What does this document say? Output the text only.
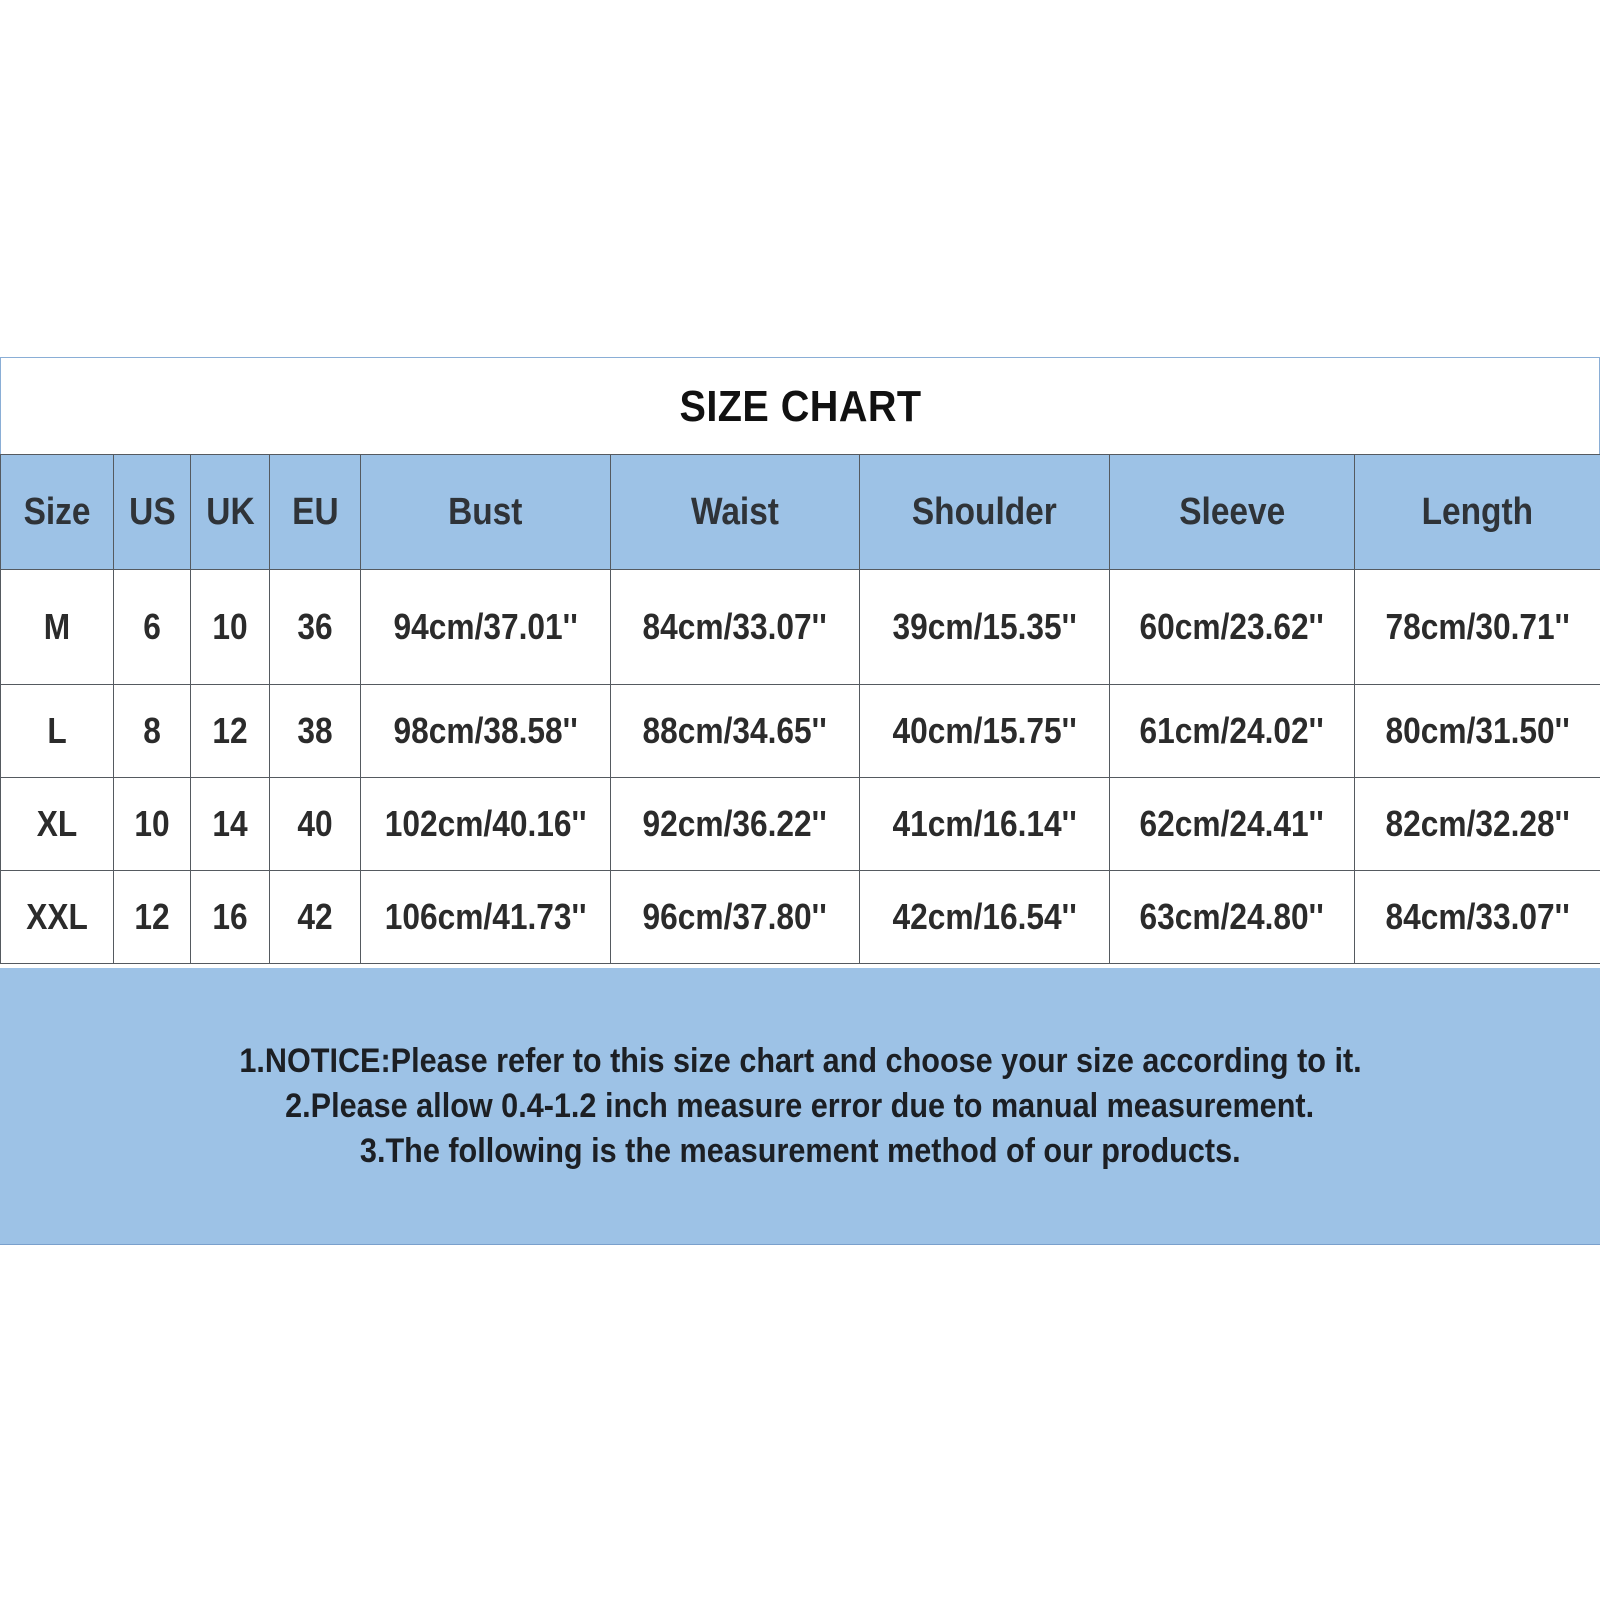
SIZE CHART
Size	US	UK	EU	Bust	Waist	Shoulder	Sleeve	Length
M	6	10	36	94cm/37.01''	84cm/33.07''	39cm/15.35''	60cm/23.62''	78cm/30.71''
L	8	12	38	98cm/38.58''	88cm/34.65''	40cm/15.75''	61cm/24.02''	80cm/31.50''
XL	10	14	40	102cm/40.16''	92cm/36.22''	41cm/16.14''	62cm/24.41''	82cm/32.28''
XXL	12	16	42	106cm/41.73''	96cm/37.80''	42cm/16.54''	63cm/24.80''	84cm/33.07''
1.NOTICE:Please refer to this size chart and choose your size according to it.
2.Please allow 0.4-1.2 inch measure error due to manual measurement.
3.The following is the measurement method of our products.
